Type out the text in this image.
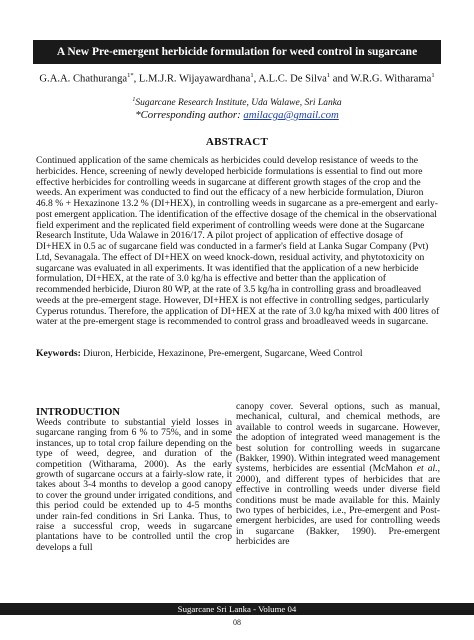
A New Pre-emergent herbicide formulation for weed control in sugarcane
G.A.A. Chathuranga$^{1*}$, L.M.J.R. Wijayawardhana$^1$, A.L.C. De Silva$^1$ and W.R.G. Witharama$^1$
$^1$Sugarcane Research Institute, Uda Walawe, Sri Lanka
*Corresponding author: amilacga@gmail.com
ABSTRACT

Continued application of the same chemicals as herbicides could develop resistance of weeds to the herbicides. Hence, screening of newly developed herbicide formulations is essential to find out more effective herbicides for controlling weeds in sugarcane at different growth stages of the crop and the weeds. An experiment was conducted to find out the efficacy of a new herbicide formulation, Diuron 46.8 % + Hexazinone 13.2 % (DI+HEX), in controlling weeds in sugarcane as a pre-emergent and early-post emergent application. The identification of the effective dosage of the chemical in the observational field experiment and the replicated field experiment of controlling weeds were done at the Sugarcane Research Institute, Uda Walawe in 2016/17. A pilot project of application of effective dosage of DI+HEX in 0.5 ac of sugarcane field was conducted in a farmer's field at Lanka Sugar Company (Pvt) Ltd, Sevanagala. The effect of DI+HEX on weed knock-down, residual activity, and phytotoxicity on sugarcane was evaluated in all experiments. It was identified that the application of a new herbicide formulation, DI+HEX, at the rate of 3.0 kg/ha is effective and better than the application of recommended herbicide, Diuron 80 WP, at the rate of 3.5 kg/ha in controlling grass and broadleaved weeds at the pre-emergent stage. However, DI+HEX is not effective in controlling sedges, particularly Cyperus rotundus. Therefore, the application of DI+HEX at the rate of 3.0 kg/ha mixed with 400 litres of water at the pre-emergent stage is recommended to control grass and broadleaved weeds in sugarcane.

Keywords: Diuron, Herbicide, Hexazinone, Pre-emergent, Sugarcane, Weed Control

INTRODUCTION

Weeds contribute to substantial yield losses in sugarcane ranging from 6 % to 75%, and in some instances, up to total crop failure depending on the type of weed, degree, and duration of the competition (Witharama, 2000). As the early growth of sugarcane occurs at a fairly-slow rate, it takes about 3-4 months to develop a good canopy to cover the ground under irrigated conditions, and this period could be extended up to 4-5 months under rain-fed conditions in Sri Lanka. Thus, to raise a successful crop, weeds in sugarcane plantations have to be controlled until the crop develops a full

canopy cover. Several options, such as manual, mechanical, cultural, and chemical methods, are available to control weeds in sugarcane. However, the adoption of integrated weed management is the best solution for controlling weeds in sugarcane (Bakker, 1990). Within integrated weed management systems, herbicides are essential (McMahon et al., 2000), and different types of herbicides that are effective in controlling weeds under diverse field conditions must be made available for this. Mainly two types of herbicides, i.e., Pre-emergent and Post-emergent herbicides, are used for controlling weeds in sugarcane (Bakker, 1990). Pre-emergent herbicides are

Sugarcane Sri Lanka - Volume 04
08
